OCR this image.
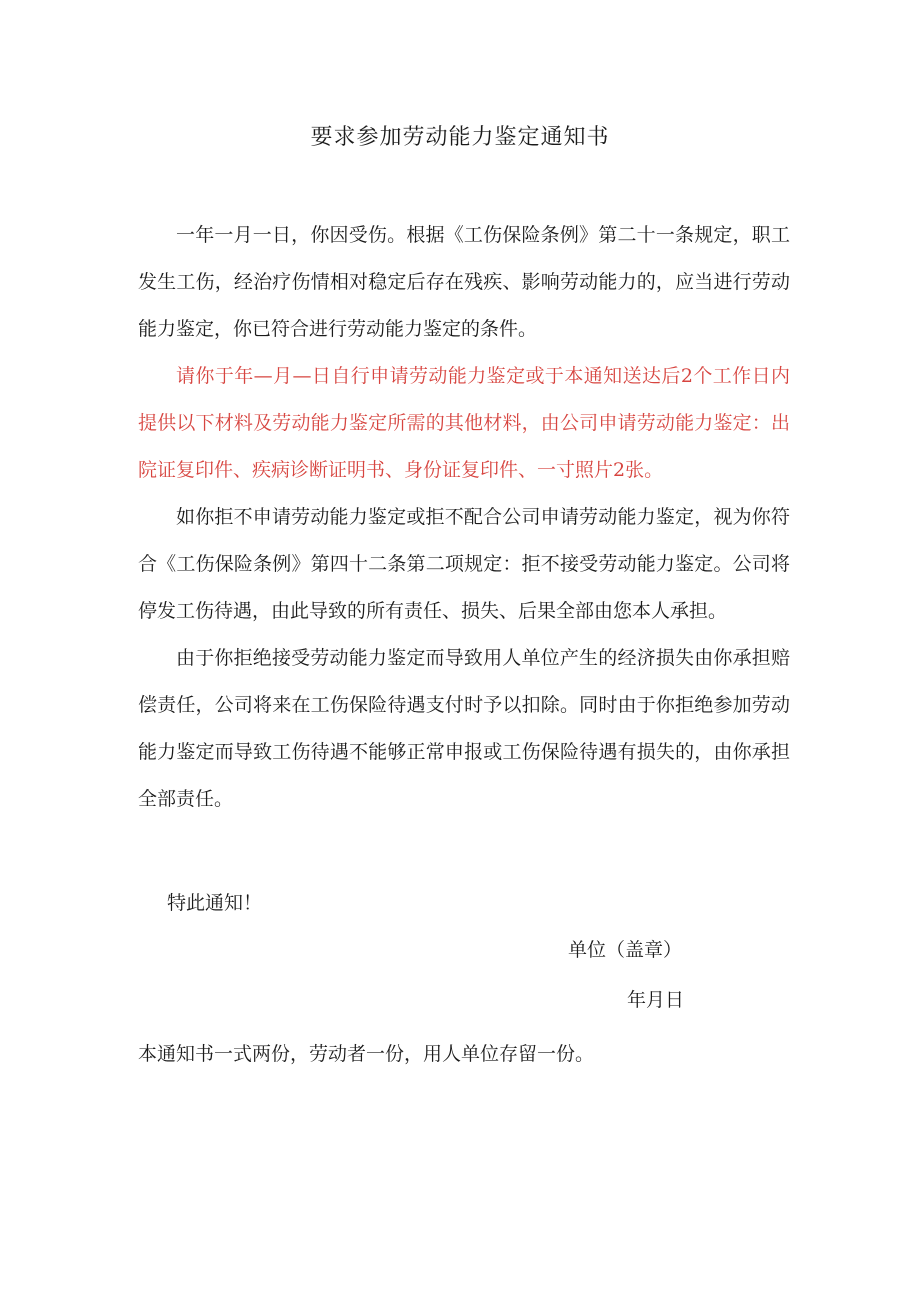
要求参加劳动能力鉴定通知书

一年一月一日，你因受伤。根据《工伤保险条例》第二十一条规定，职工发生工伤，经治疗伤情相对稳定后存在残疾、影响劳动能力的，应当进行劳动能力鉴定，你已符合进行劳动能力鉴定的条件。

请你于年—月—日自行申请劳动能力鉴定或于本通知送达后2个工作日内提供以下材料及劳动能力鉴定所需的其他材料，由公司申请劳动能力鉴定：出院证复印件、疾病诊断证明书、身份证复印件、一寸照片2张。

如你拒不申请劳动能力鉴定或拒不配合公司申请劳动能力鉴定，视为你符合《工伤保险条例》第四十二条第二项规定：拒不接受劳动能力鉴定。公司将停发工伤待遇，由此导致的所有责任、损失、后果全部由您本人承担。

由于你拒绝接受劳动能力鉴定而导致用人单位产生的经济损失由你承担赔偿责任，公司将来在工伤保险待遇支付时予以扣除。同时由于你拒绝参加劳动能力鉴定而导致工伤待遇不能够正常申报或工伤保险待遇有损失的，由你承担全部责任。

特此通知！
单位（盖章）
年月日
本通知书一式两份，劳动者一份，用人单位存留一份。
